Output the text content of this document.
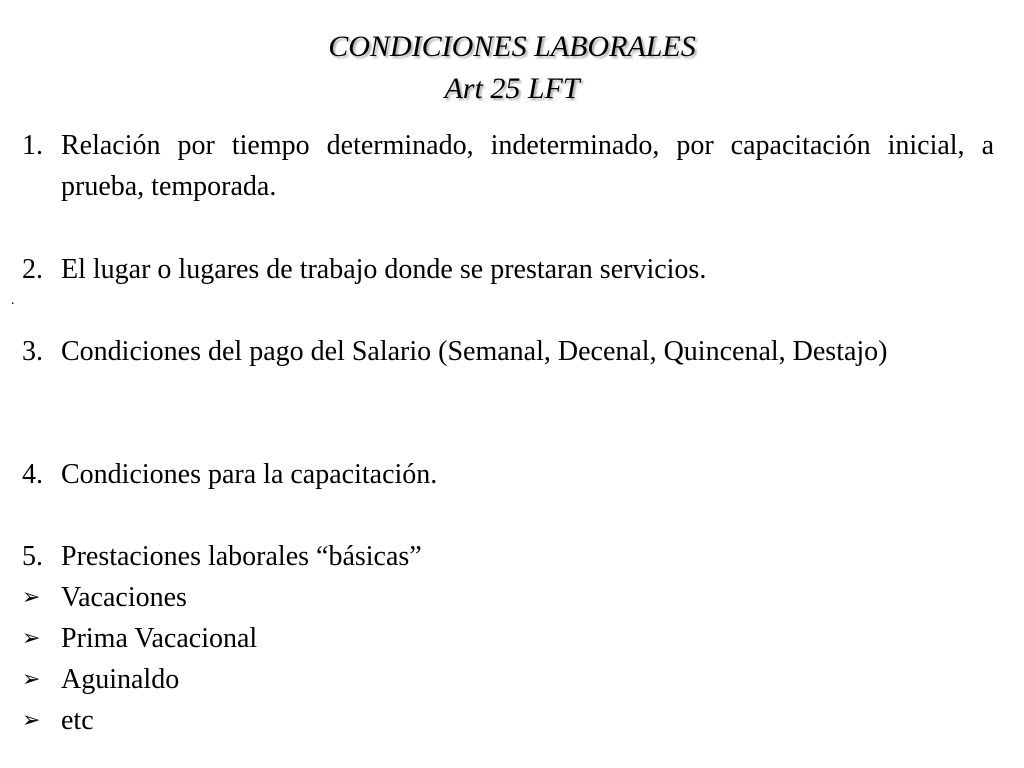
CONDICIONES LABORALES
Art 25 LFT
1. Relación por tiempo determinado, indeterminado, por capacitación inicial, a prueba, temporada.
2. El lugar o lugares de trabajo donde se prestaran servicios.
.
3. Condiciones del pago del Salario (Semanal, Decenal, Quincenal, Destajo)
4. Condiciones para la capacitación.
5. Prestaciones laborales “básicas”
➢ Vacaciones
➢ Prima Vacacional
➢ Aguinaldo
➢ etc
